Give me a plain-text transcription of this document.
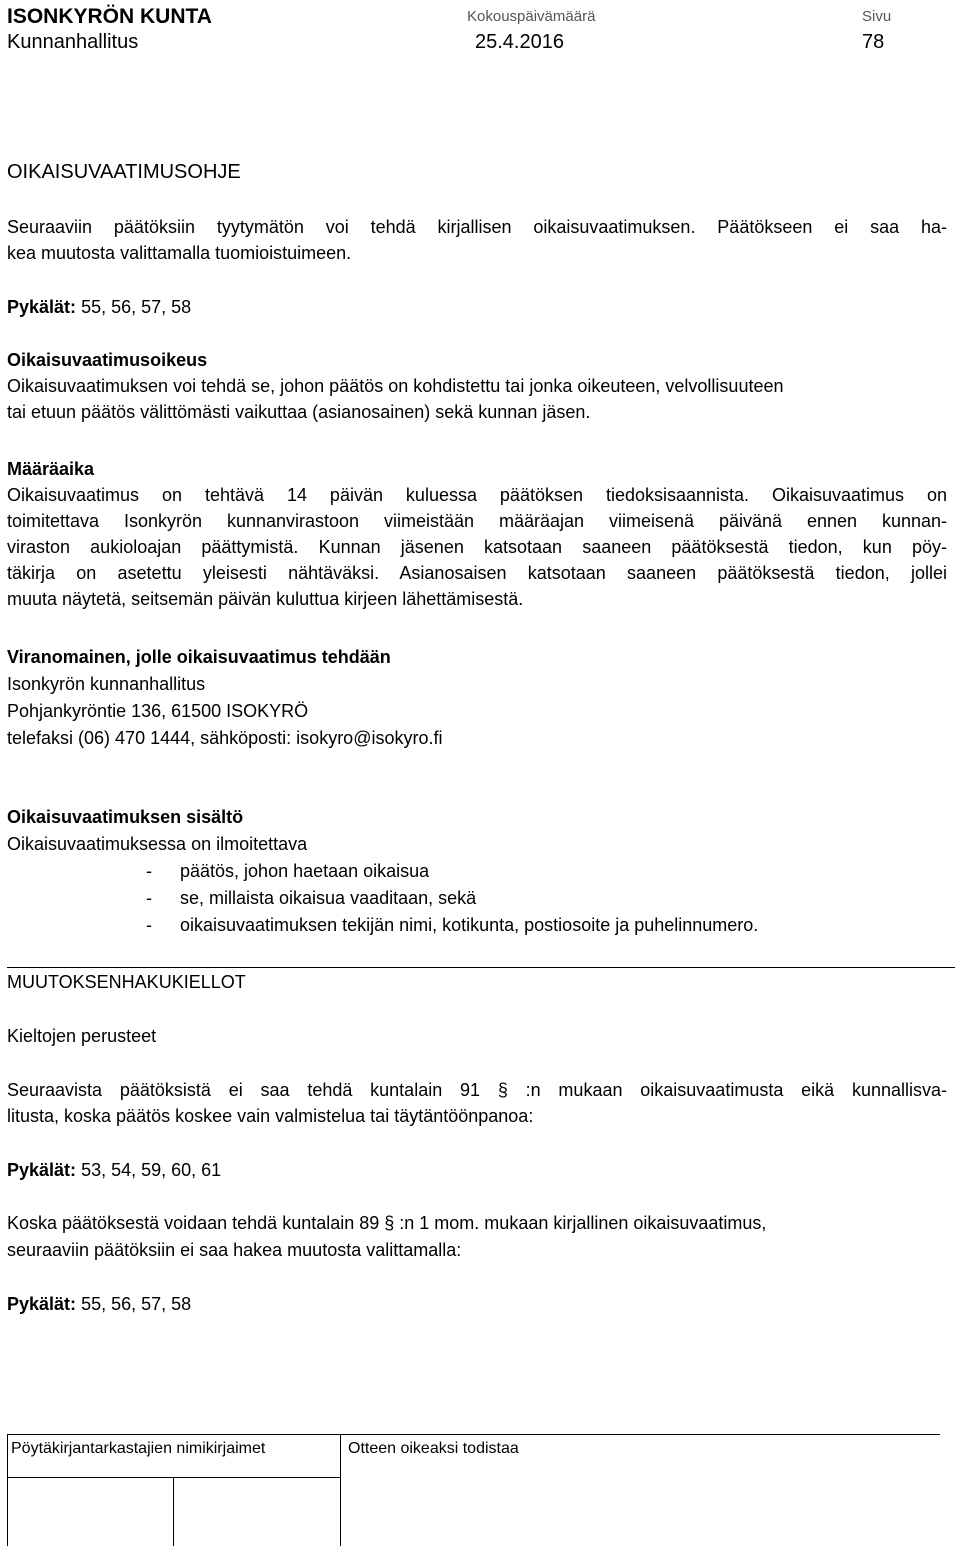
ISONKYRÖN KUNTA	Kokouspäivämäärä	Sivu
Kunnanhallitus	25.4.2016	78
OIKAISUVAATIMUSOHJE
Seuraaviin päätöksiin tyytymätön voi tehdä kirjallisen oikaisuvaatimuksen. Päätökseen ei saa ha-
kea muutosta valittamalla tuomioistuimeen.
Pykälät: 55, 56, 57, 58
Oikaisuvaatimusoikeus
Oikaisuvaatimuksen voi tehdä se, johon päätös on kohdistettu tai jonka oikeuteen, velvollisuuteen
tai etuun päätös välittömästi vaikuttaa (asianosainen) sekä kunnan jäsen.
Määräaika
Oikaisuvaatimus on tehtävä 14 päivän kuluessa päätöksen tiedoksisaannista. Oikaisuvaatimus on
toimitettava Isonkyrön kunnanvirastoon viimeistään määräajan viimeisenä päivänä ennen kunnan-
viraston aukioloajan päättymistä. Kunnan jäsenen katsotaan saaneen päätöksestä tiedon, kun pöy-
täkirja on asetettu yleisesti nähtäväksi. Asianosaisen katsotaan saaneen päätöksestä tiedon, jollei
muuta näytetä, seitsemän päivän kuluttua kirjeen lähettämisestä.
Viranomainen, jolle oikaisuvaatimus tehdään
Isonkyrön kunnanhallitus
Pohjankyröntie 136, 61500 ISOKYRÖ
telefaksi (06) 470 1444, sähköposti: isokyro@isokyro.fi
Oikaisuvaatimuksen sisältö
Oikaisuvaatimuksessa on ilmoitettava
- päätös, johon haetaan oikaisua
- se, millaista oikaisua vaaditaan, sekä
- oikaisuvaatimuksen tekijän nimi, kotikunta, postiosoite ja puhelinnumero.
MUUTOKSENHAKUKIELLOT
Kieltojen perusteet
Seuraavista päätöksistä ei saa tehdä kuntalain 91 § :n mukaan oikaisuvaatimusta eikä kunnallisva-
litusta, koska päätös koskee vain valmistelua tai täytäntöönpanoa:
Pykälät: 53, 54, 59, 60, 61
Koska päätöksestä voidaan tehdä kuntalain 89 § :n 1 mom. mukaan kirjallinen oikaisuvaatimus,
seuraaviin päätöksiin ei saa hakea muutosta valittamalla:
Pykälät: 55, 56, 57, 58
Pöytäkirjantarkastajien nimikirjaimet	Otteen oikeaksi todistaa
